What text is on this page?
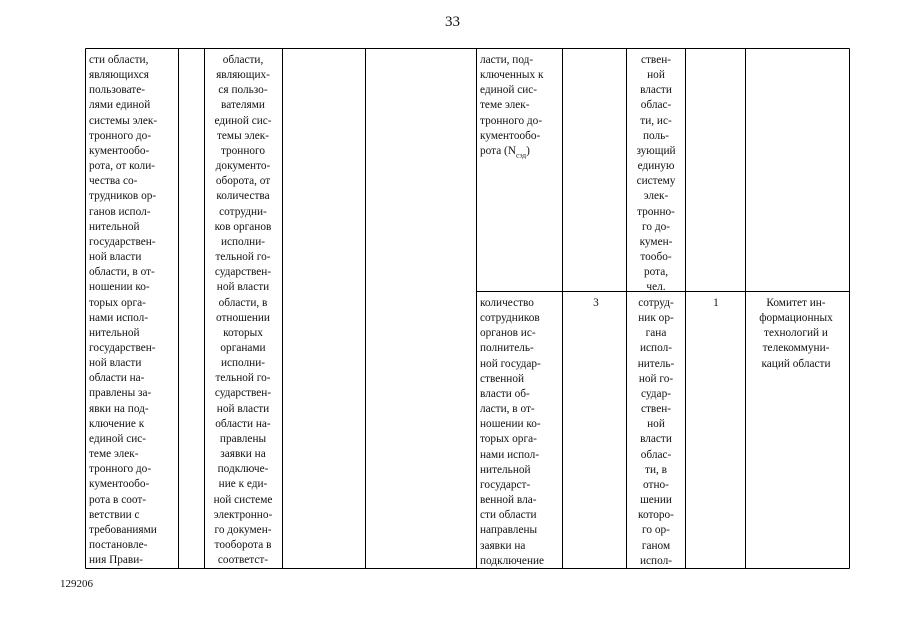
33
сти области,
являющихся
пользовате-
лями единой
системы элек-
тронного до-
кументообо-
рота, от коли-
чества со-
трудников ор-
ганов испол-
нительной
государствен-
ной власти
области, в от-
ношении ко-
торых орга-
нами испол-
нительной
государствен-
ной власти
области на-
правлены за-
явки на под-
ключение к
единой сис-
теме элек-
тронного до-
кументообо-
рота в соот-
ветствии с
требованиями
постановле-
ния Прави-
области,
являющих-
ся пользо-
вателями
единой сис-
темы элек-
тронного
документо-
оборота, от
количества
сотрудни-
ков органов
исполни-
тельной го-
сударствен-
ной власти
области, в
отношении
которых
органами
исполни-
тельной го-
сударствен-
ной власти
области на-
правлены
заявки на
подключе-
ние к еди-
ной системе
электронно-
го докумен-
тооборота в
соответст-
ласти, под-
ключенных к
единой сис-
теме элек-
тронного до-
кументообо-
рота $(N_{сэд})$
ствен-
ной
власти
облас-
ти, ис-
поль-
зующий
единую
систему
элек-
тронно-
го до-
кумен-
тообо-
рота,
чел.
количество
сотрудников
органов ис-
полнитель-
ной государ-
ственной
власти об-
ласти, в от-
ношении ко-
торых орга-
нами испол-
нительной
государст-
венной вла-
сти области
направлены
заявки на
подключение
3	сотруд-
ник ор-
гана
испол-
нитель-
ной го-
судар-
ствен-
ной
власти
облас-
ти, в
отно-
шении
которо-
го ор-
ганом
испол-
1	Комитет ин-
формационных
технологий и
телекоммуни-
каций области
129206
